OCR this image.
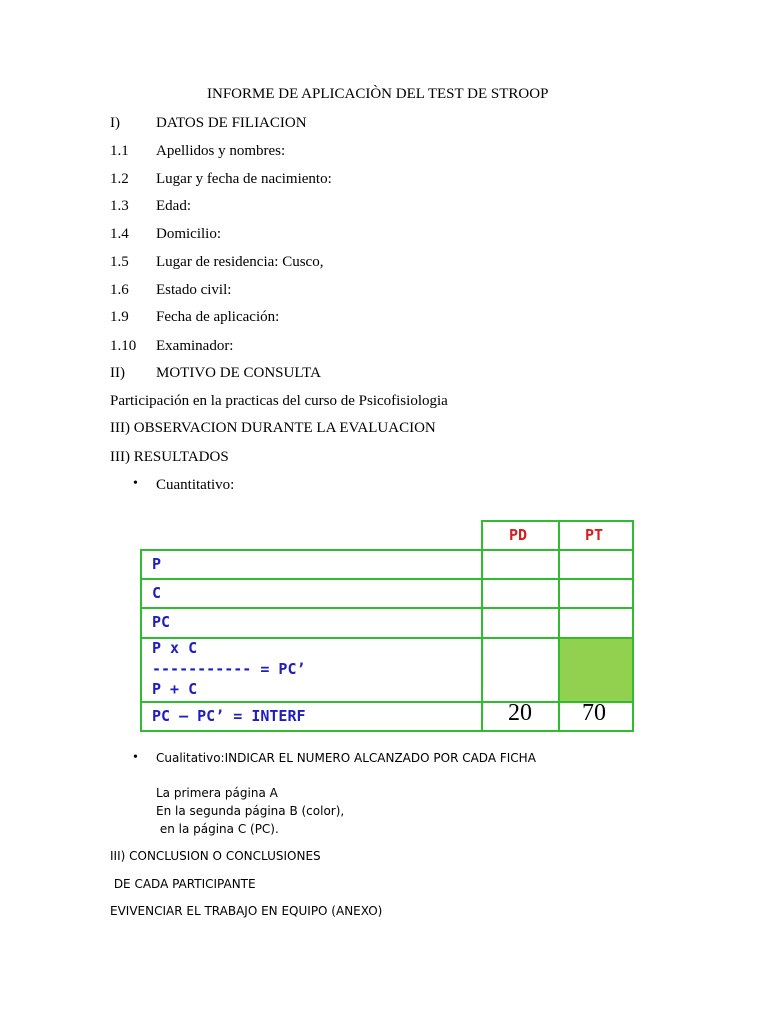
INFORME DE APLICACIÒN DEL TEST DE STROOP
I) DATOS DE FILIACION
1.1 Apellidos y nombres:
1.2 Lugar y fecha de nacimiento:
1.3 Edad:
1.4 Domicilio:
1.5 Lugar de residencia: Cusco,
1.6 Estado civil:
1.9 Fecha de aplicación:
1.10 Examinador:
II) MOTIVO DE CONSULTA
Participación en la practicas del curso de Psicofisiologia
III) OBSERVACION DURANTE LA EVALUACION
III) RESULTADOS
• Cuantitativo:
PD	PT
P
C
PC
P x C
----------- = PC’
P + C
PC – PC’ = INTERF	20 70
• Cualitativo:INDICAR EL NUMERO ALCANZADO POR CADA FICHA
La primera página A
En la segunda página B (color),
en la página C (PC).
III) CONCLUSION O CONCLUSIONES
DE CADA PARTICIPANTE
EVIVENCIAR EL TRABAJO EN EQUIPO (ANEXO)
